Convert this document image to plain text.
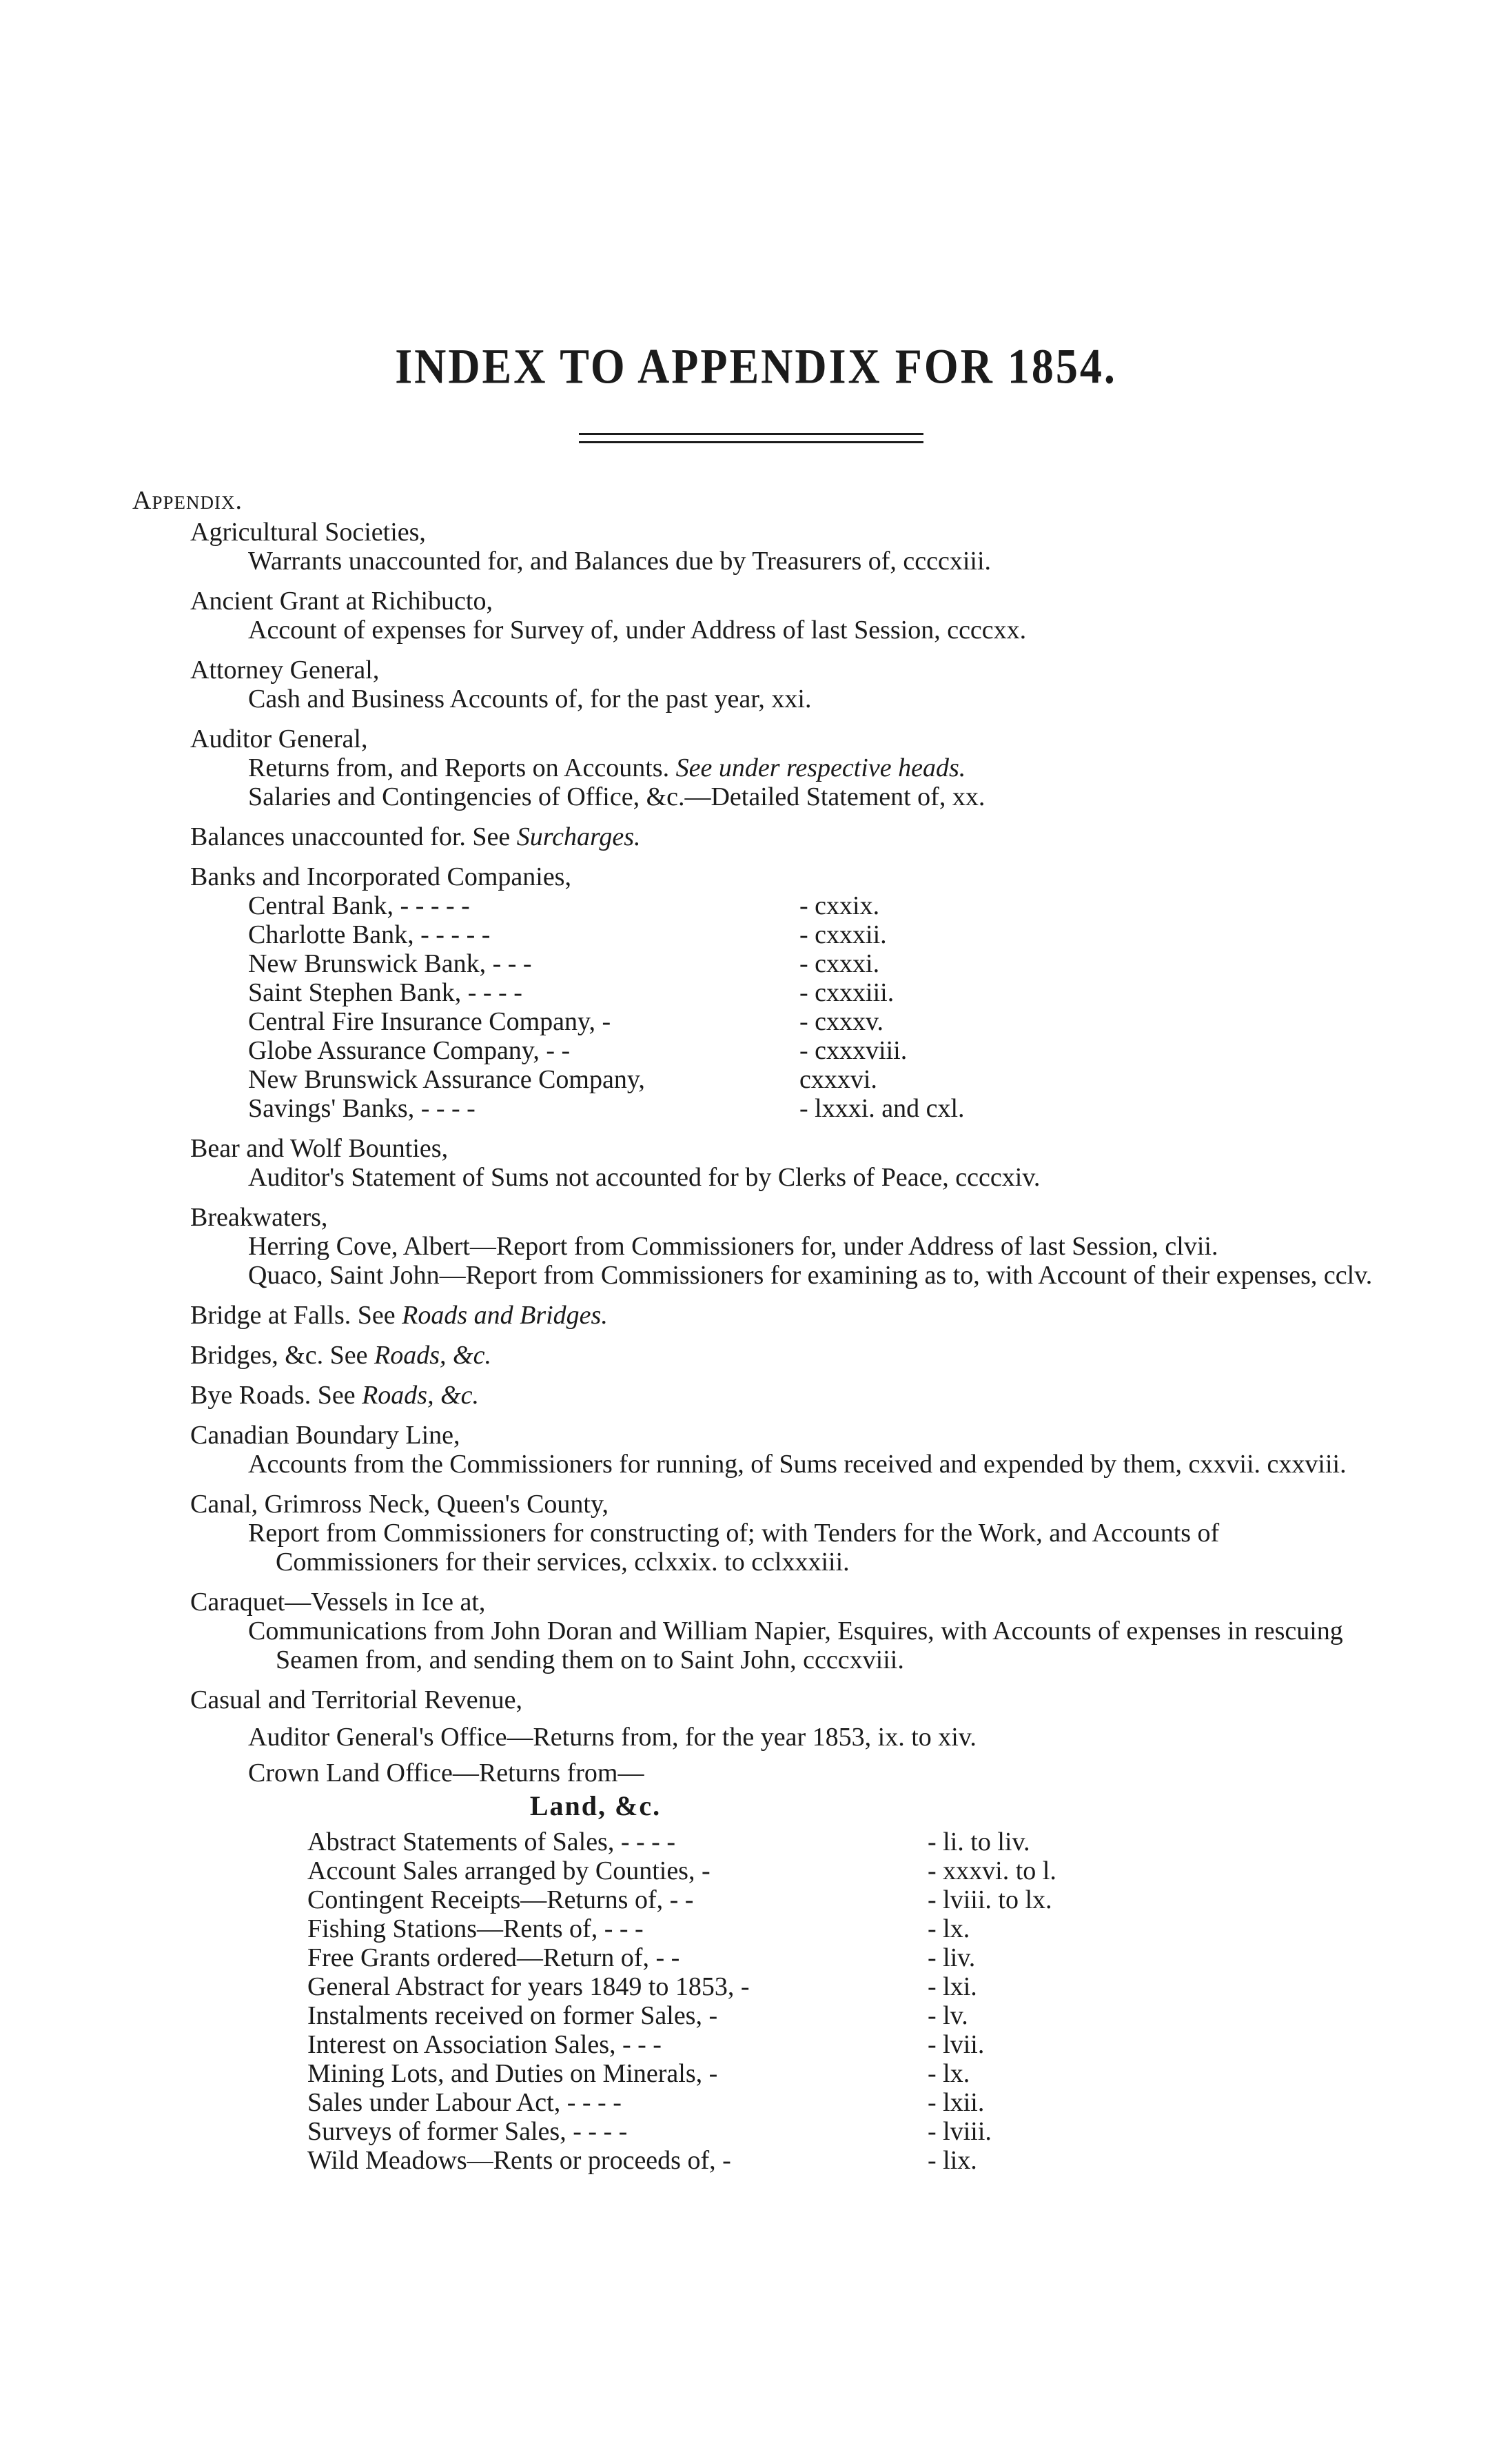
INDEX TO APPENDIX FOR 1854.
Appendix.
Agricultural Societies,
Warrants unaccounted for, and Balances due by Treasurers of, ccccxiii.
Ancient Grant at Richibucto,
Account of expenses for Survey of, under Address of last Session, ccccxx.
Attorney General,
Cash and Business Accounts of, for the past year, xxi.
Auditor General,
Returns from, and Reports on Accounts. See under respective heads.
Salaries and Contingencies of Office, &c.—Detailed Statement of, xx.
Balances unaccounted for. See Surcharges.
Banks and Incorporated Companies,
Central Bank, - - - - -	- cxxix.
Charlotte Bank, - - - - -	- cxxxii.
New Brunswick Bank, - - -	- cxxxi.
Saint Stephen Bank, - - - -	- cxxxiii.
Central Fire Insurance Company, -	- cxxxv.
Globe Assurance Company, - -	- cxxxviii.
New Brunswick Assurance Company,	cxxxvi.
Savings' Banks, - - - -	- lxxxi. and cxl.
Bear and Wolf Bounties,
Auditor's Statement of Sums not accounted for by Clerks of Peace, ccccxiv.
Breakwaters,
Herring Cove, Albert—Report from Commissioners for, under Address of last Session, clvii.
Quaco, Saint John—Report from Commissioners for examining as to, with Account of their expenses, cclv.
Bridge at Falls. See Roads and Bridges.
Bridges, &c. See Roads, &c.
Bye Roads. See Roads, &c.
Canadian Boundary Line,
Accounts from the Commissioners for running, of Sums received and expended by them, cxxvii. cxxviii.
Canal, Grimross Neck, Queen's County,
Report from Commissioners for constructing of; with Tenders for the Work, and Accounts of Commissioners for their services, cclxxix. to cclxxxiii.
Caraquet—Vessels in Ice at,
Communications from John Doran and William Napier, Esquires, with Accounts of expenses in rescuing Seamen from, and sending them on to Saint John, ccccxviii.
Casual and Territorial Revenue,
Auditor General's Office—Returns from, for the year 1853, ix. to xiv.
Crown Land Office—Returns from—
Land, &c.
Abstract Statements of Sales, - - - -	- li. to liv.
Account Sales arranged by Counties, -	- xxxvi. to l.
Contingent Receipts—Returns of, - -	- lviii. to lx.
Fishing Stations—Rents of, - - -	- lx.
Free Grants ordered—Return of, - -	- liv.
General Abstract for years 1849 to 1853, -	- lxi.
Instalments received on former Sales, -	- lv.
Interest on Association Sales, - - -	- lvii.
Mining Lots, and Duties on Minerals, -	- lx.
Sales under Labour Act, - - - -	- lxii.
Surveys of former Sales, - - - -	- lviii.
Wild Meadows—Rents or proceeds of, -	- lix.
